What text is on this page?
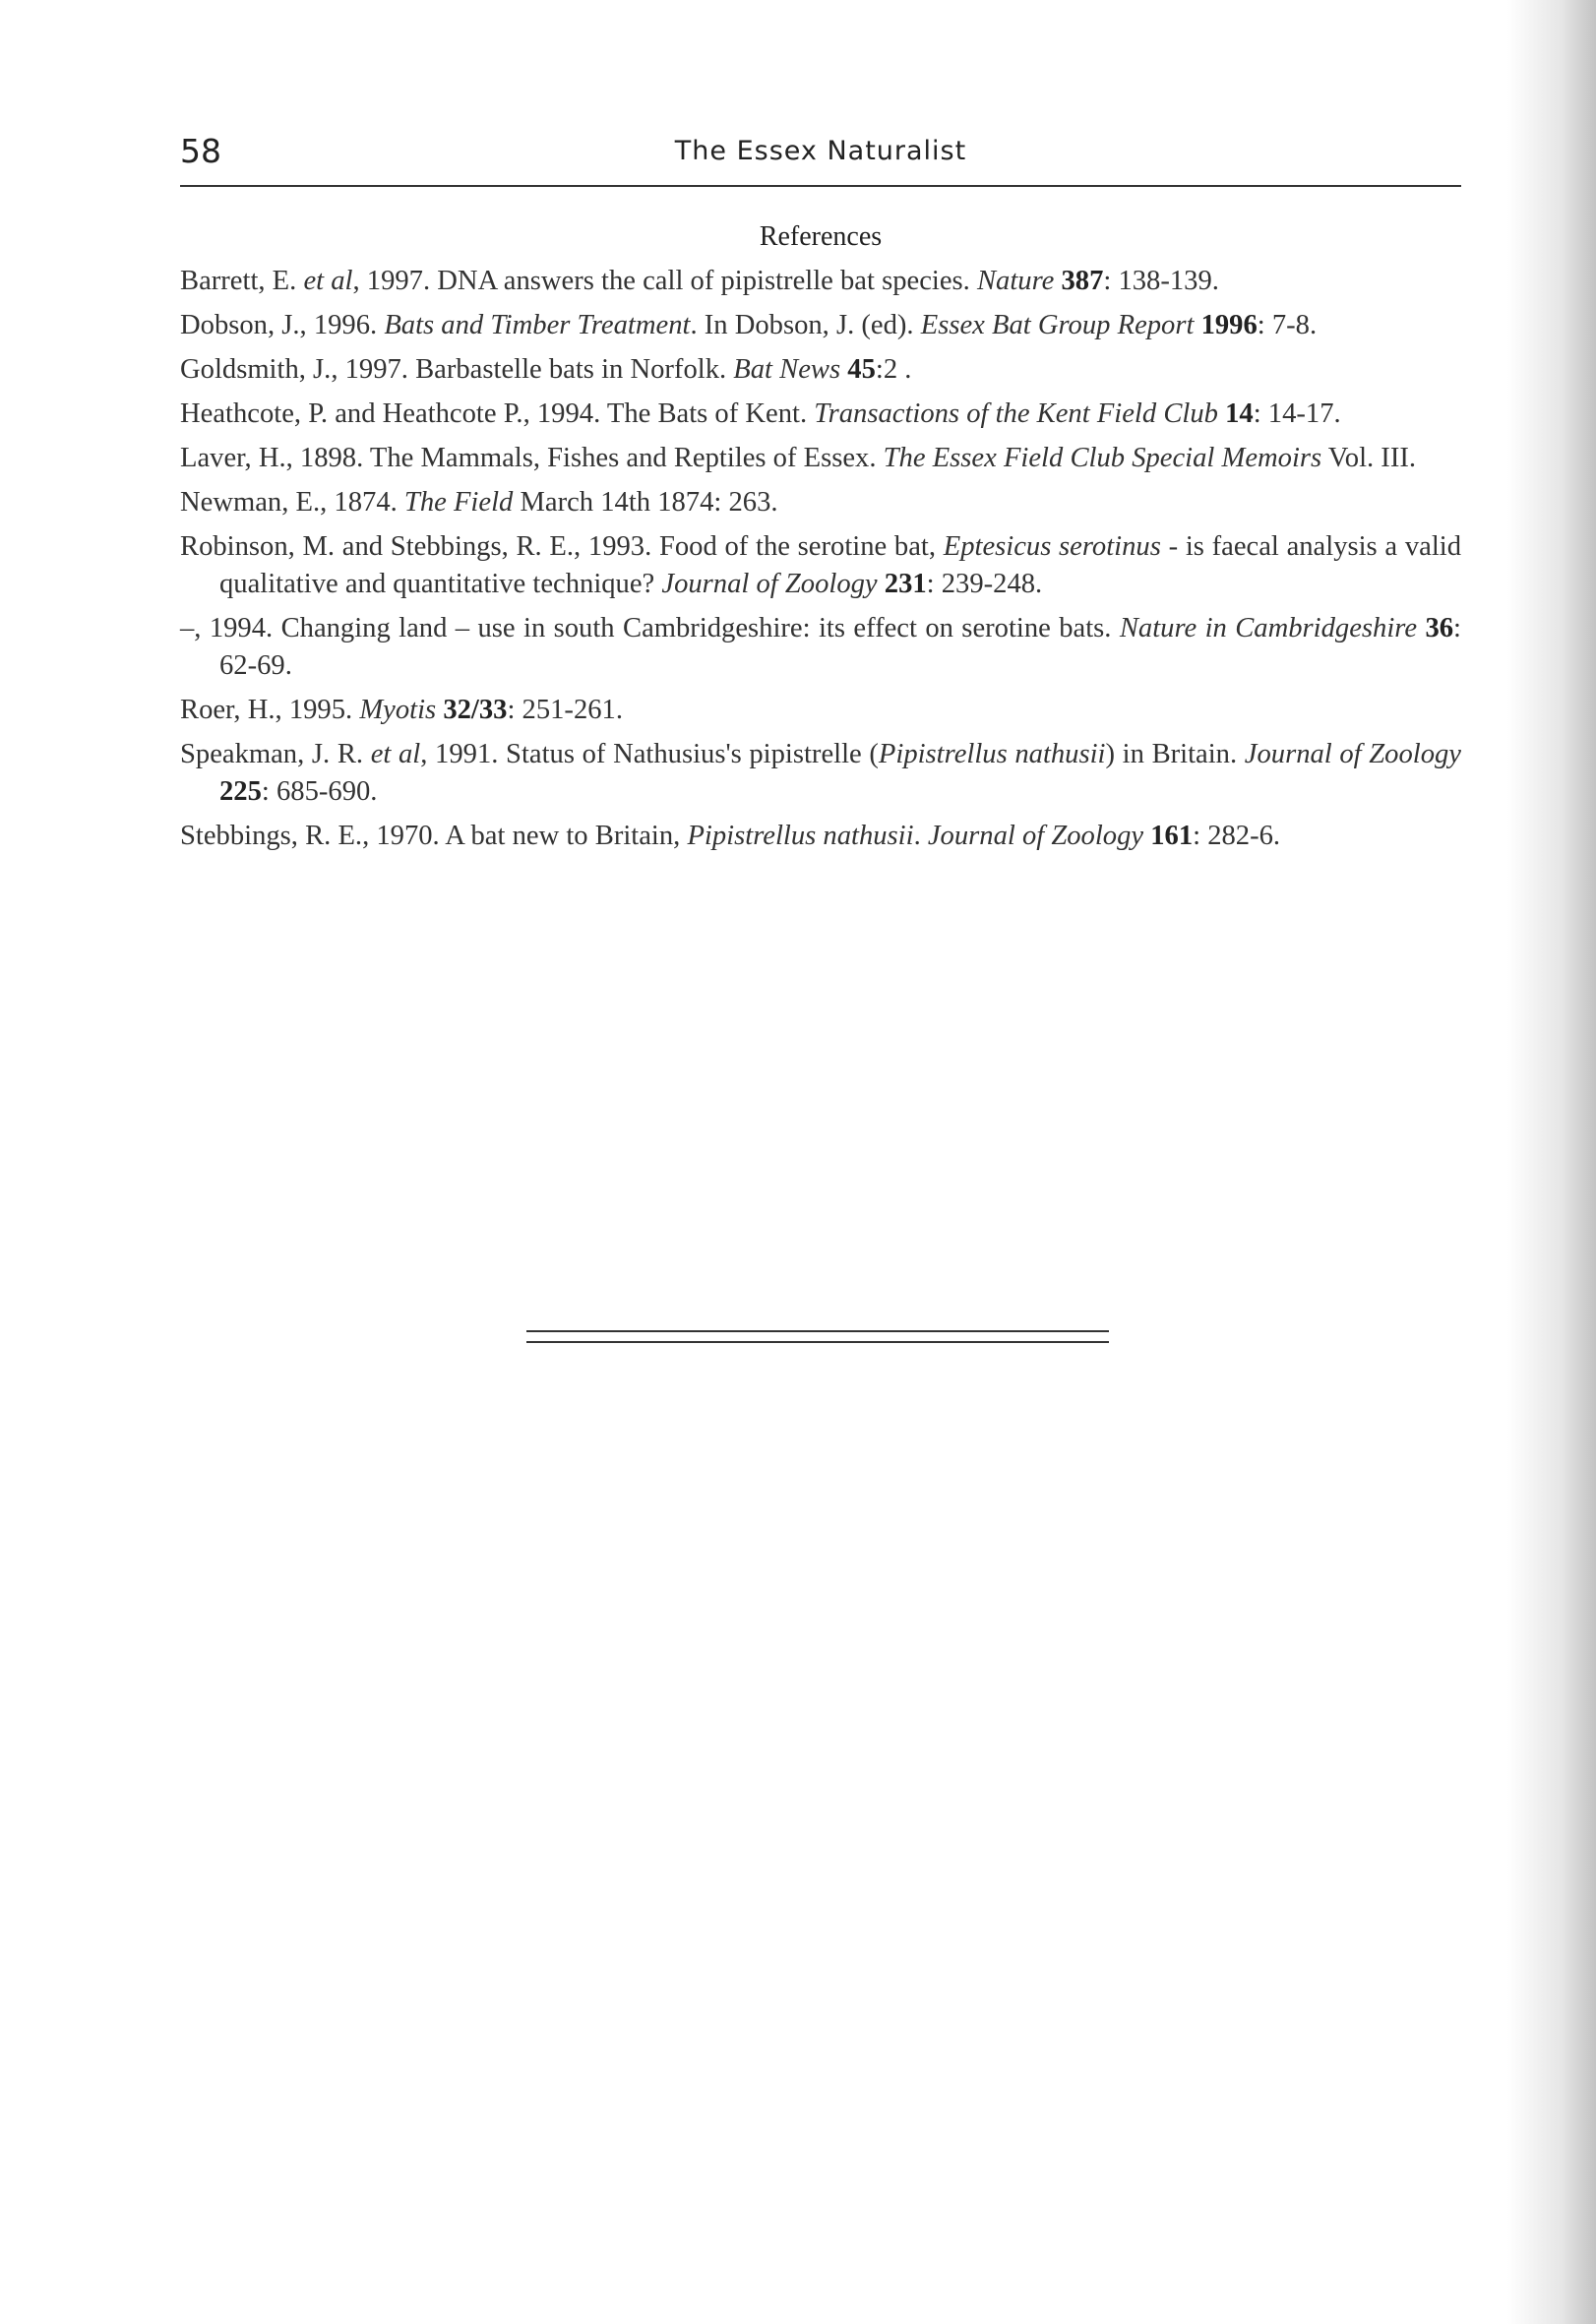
58	The Essex Naturalist
References

Barrett, E. et al, 1997. DNA answers the call of pipistrelle bat species. Nature 387: 138-139.

Dobson, J., 1996. Bats and Timber Treatment. In Dobson, J. (ed). Essex Bat Group Report 1996: 7-8.

Goldsmith, J., 1997. Barbastelle bats in Norfolk. Bat News 45:2 .

Heathcote, P. and Heathcote P., 1994. The Bats of Kent. Transactions of the Kent Field Club 14: 14-17.

Laver, H., 1898. The Mammals, Fishes and Reptiles of Essex. The Essex Field Club Special Memoirs Vol. III.

Newman, E., 1874. The Field March 14th 1874: 263.

Robinson, M. and Stebbings, R. E., 1993. Food of the serotine bat, Eptesicus serotinus - is faecal analysis a valid qualitative and quantitative technique? Journal of Zoology 231: 239-248.

–, 1994. Changing land – use in south Cambridgeshire: its effect on serotine bats. Nature in Cambridgeshire 36: 62-69.

Roer, H., 1995. Myotis 32/33: 251-261.

Speakman, J. R. et al, 1991. Status of Nathusius's pipistrelle (Pipistrellus nathusii) in Britain. Journal of Zoology 225: 685-690.

Stebbings, R. E., 1970. A bat new to Britain, Pipistrellus nathusii. Journal of Zoology 161: 282-6.
